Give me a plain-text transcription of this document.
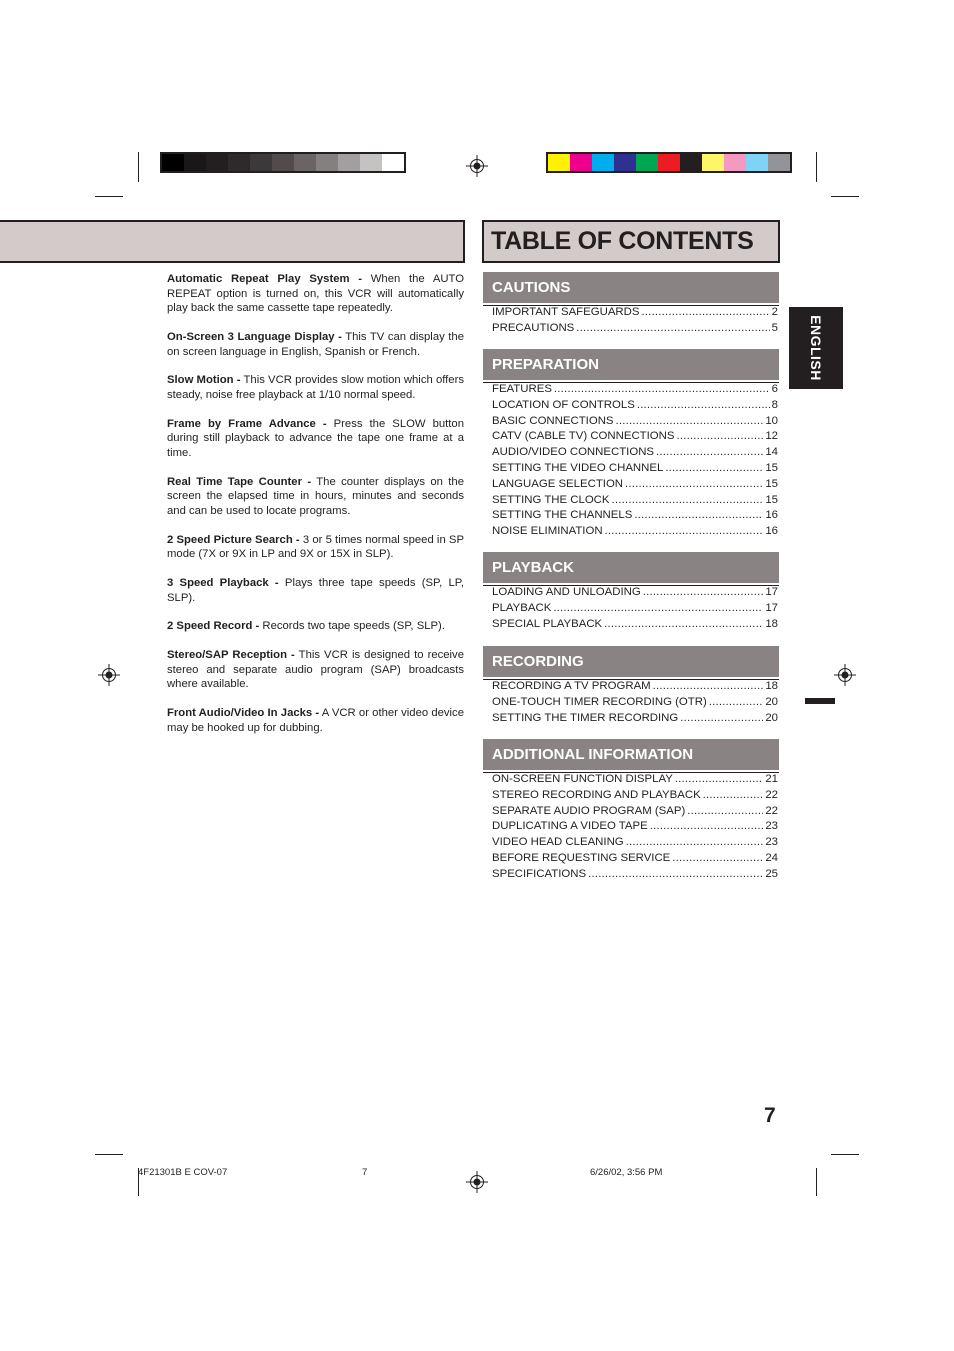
TABLE OF CONTENTS

Automatic Repeat Play System - When the AUTO REPEAT option is turned on, this VCR will automatically play back the same cassette tape repeatedly.

On-Screen 3 Language Display - This TV can display the on screen language in English, Spanish or French.

Slow Motion - This VCR provides slow motion which offers steady, noise free playback at 1/10 normal speed.

Frame by Frame Advance - Press the SLOW button during still playback to advance the tape one frame at a time.

Real Time Tape Counter - The counter displays on the screen the elapsed time in hours, minutes and seconds and can be used to locate programs.

2 Speed Picture Search - 3 or 5 times normal speed in SP mode (7X or 9X in LP and 9X or 15X in SLP).

3 Speed Playback - Plays three tape speeds (SP, LP, SLP).

2 Speed Record - Records two tape speeds (SP, SLP).

Stereo/SAP Reception - This VCR is designed to receive stereo and separate audio program (SAP) broadcasts where available.

Front Audio/Video In Jacks - A VCR or other video device may be hooked up for dubbing.

CAUTIONS
IMPORTANT SAFEGUARDS .....	2
PRECAUTIONS .....	5
PREPARATION
FEATURES .....	6
LOCATION OF CONTROLS .....	8
BASIC CONNECTIONS .....	10
CATV (CABLE TV) CONNECTIONS .....	12
AUDIO/VIDEO CONNECTIONS .....	14
SETTING THE VIDEO CHANNEL .....	15
LANGUAGE SELECTION .....	15
SETTING THE CLOCK .....	15
SETTING THE CHANNELS .....	16
NOISE ELIMINATION .....	16
PLAYBACK
LOADING AND UNLOADING .....	17
PLAYBACK .....	17
SPECIAL PLAYBACK .....	18
RECORDING
RECORDING A TV PROGRAM .....	18
ONE-TOUCH TIMER RECORDING (OTR) .....	20
SETTING THE TIMER RECORDING .....	20
ADDITIONAL INFORMATION
ON-SCREEN FUNCTION DISPLAY .....	21
STEREO RECORDING AND PLAYBACK .....	22
SEPARATE AUDIO PROGRAM (SAP) .....	22
DUPLICATING A VIDEO TAPE .....	23
VIDEO HEAD CLEANING .....	23
BEFORE REQUESTING SERVICE .....	24
SPECIFICATIONS .....	25
ENGLISH
7
4F21301B E COV-07	7	6/26/02, 3:56 PM
